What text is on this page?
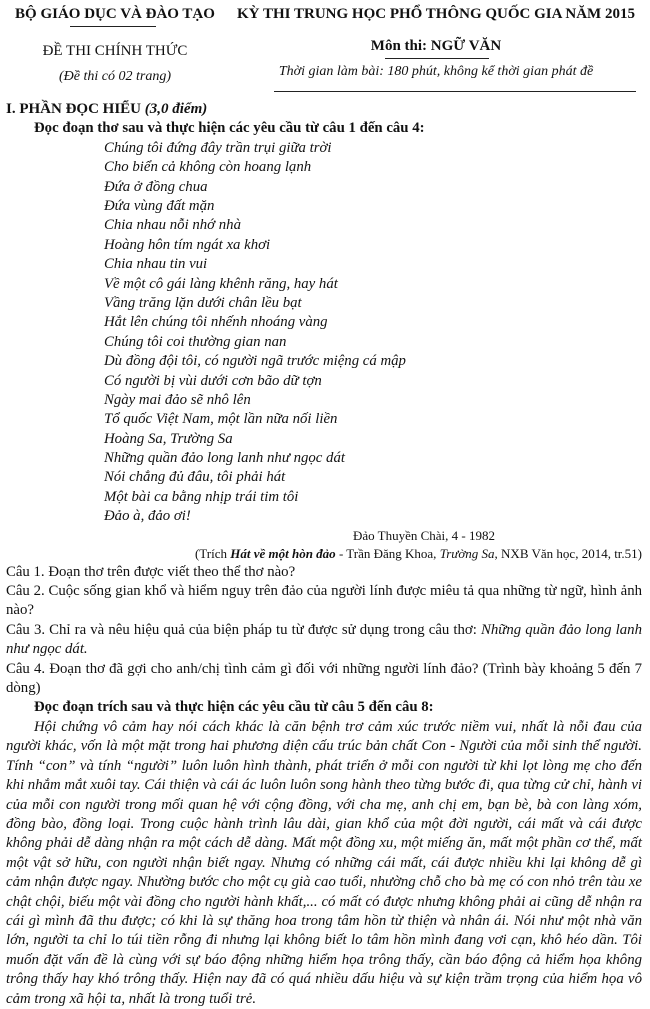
BỘ GIÁO DỤC VÀ ĐÀO TẠO
ĐỀ THI CHÍNH THỨC
(Đề thi có 02 trang)
KỲ THI TRUNG HỌC PHỔ THÔNG QUỐC GIA NĂM 2015
Môn thi: NGỮ VĂN
Thời gian làm bài: 180 phút, không kể thời gian phát đề
I. PHẦN ĐỌC HIỂU (3,0 điểm)
Đọc đoạn thơ sau và thực hiện các yêu cầu từ câu 1 đến câu 4:
Chúng tôi đứng đây trần trụi giữa trời
Cho biển cả không còn hoang lạnh
Đứa ở đồng chua
Đứa vùng đất mặn
Chia nhau nỗi nhớ nhà
Hoàng hôn tím ngát xa khơi
Chia nhau tin vui
Về một cô gái làng khênh răng, hay hát
Vầng trăng lặn dưới chân lều bạt
Hắt lên chúng tôi nhếnh nhoáng vàng
Chúng tôi coi thường gian nan
Dù đồng đội tôi, có người ngã trước miệng cá mập
Có người bị vùi dưới cơn bão dữ tợn
Ngày mai đảo sẽ nhô lên
Tổ quốc Việt Nam, một lần nữa nối liền
Hoàng Sa, Trường Sa
Những quần đảo long lanh như ngọc dát
Nói chẳng đủ đâu, tôi phải hát
Một bài ca bằng nhịp trái tim tôi
Đảo à, đảo ơi!
Đảo Thuyền Chài, 4 - 1982
(Trích Hát về một hòn đảo - Trần Đăng Khoa, Trường Sa, NXB Văn học, 2014, tr.51)
Câu 1. Đoạn thơ trên được viết theo thể thơ nào?
Câu 2. Cuộc sống gian khổ và hiểm nguy trên đảo của người lính được miêu tả qua những từ ngữ, hình ảnh nào?
Câu 3. Chỉ ra và nêu hiệu quả của biện pháp tu từ được sử dụng trong câu thơ: Những quần đảo long lanh như ngọc dát.
Câu 4. Đoạn thơ đã gợi cho anh/chị tình cảm gì đối với những người lính đảo? (Trình bày khoảng 5 đến 7 dòng)
Đọc đoạn trích sau và thực hiện các yêu cầu từ câu 5 đến câu 8:

Hội chứng vô cảm hay nói cách khác là căn bệnh trơ cảm xúc trước niềm vui, nhất là nỗi đau của người khác, vốn là một mặt trong hai phương diện cấu trúc bản chất Con - Người của mỗi sinh thể người. Tính “con” và tính “người” luôn luôn hình thành, phát triển ở mỗi con người từ khi lọt lòng mẹ cho đến khi nhắm mắt xuôi tay. Cái thiện và cái ác luôn luôn song hành theo từng bước đi, qua từng cử chỉ, hành vi của mỗi con người trong mối quan hệ với cộng đồng, với cha mẹ, anh chị em, bạn bè, bà con làng xóm, đồng bào, đồng loại. Trong cuộc hành trình lâu dài, gian khổ của một đời người, cái mất và cái được không phải dễ dàng nhận ra một cách dễ dàng. Mất một đồng xu, một miếng ăn, mất một phần cơ thể, mất một vật sở hữu, con người nhận biết ngay. Nhưng có những cái mất, cái được nhiều khi lại không dễ gì cảm nhận được ngay. Nhường bước cho một cụ già cao tuổi, nhường chỗ cho bà mẹ có con nhỏ trên tàu xe chật chội, biếu một vài đồng cho người hành khất,... có mất có được nhưng không phải ai cũng dễ nhận ra cái gì mình đã thu được; có khi là sự thăng hoa trong tâm hồn từ thiện và nhân ái. Nói như một nhà văn lớn, người ta chỉ lo túi tiền rỗng đi nhưng lại không biết lo tâm hồn mình đang vơi cạn, khô héo dần. Tôi muốn đặt vấn đề là cùng với sự báo động những hiểm họa trông thấy, cần báo động cả hiểm họa không trông thấy hay khó trông thấy. Hiện nay đã có quá nhiều dấu hiệu và sự kiện trầm trọng của hiểm họa vô cảm trong xã hội ta, nhất là trong tuổi trẻ.
